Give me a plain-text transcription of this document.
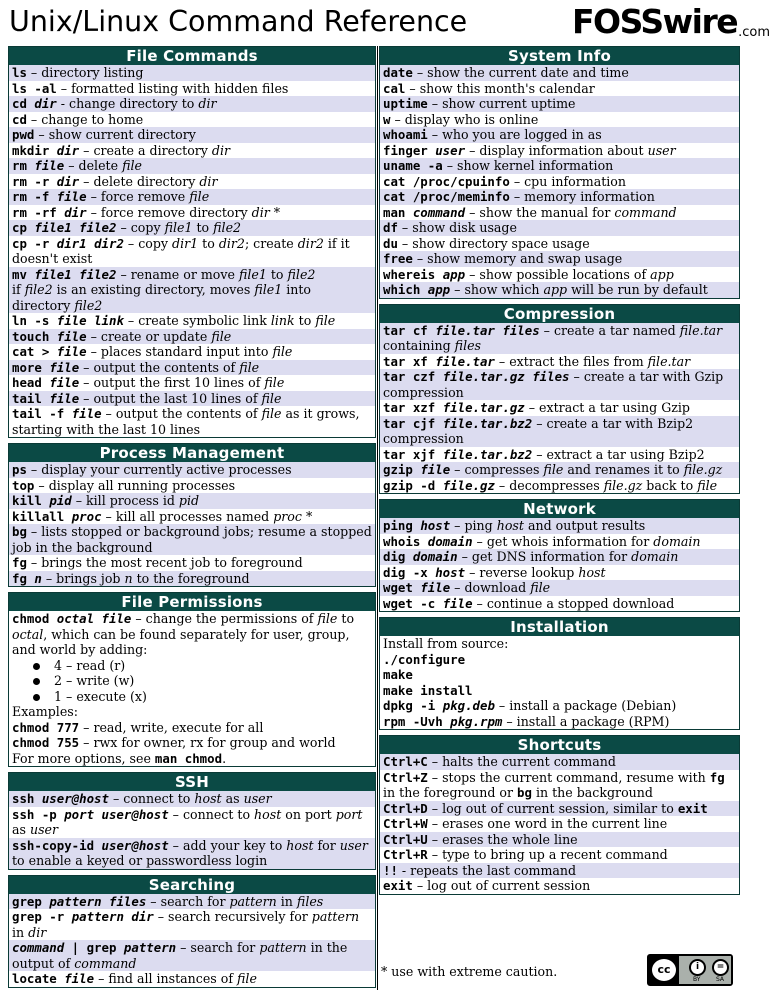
Unix/Linux Command Reference	FOSSwire.com
File Commands
ls – directory listing
ls -al – formatted listing with hidden files
cd dir - change directory to dir
cd – change to home
pwd – show current directory
mkdir dir – create a directory dir
rm file – delete file
rm -r dir – delete directory dir
rm -f file – force remove file
rm -rf dir – force remove directory dir *
cp file1 file2 – copy file1 to file2
cp -r dir1 dir2 – copy dir1 to dir2; create dir2 if it doesn't exist
mv file1 file2 – rename or move file1 to file2
if file2 is an existing directory, moves file1 into directory file2
ln -s file link – create symbolic link link to file
touch file – create or update file
cat > file – places standard input into file
more file – output the contents of file
head file – output the first 10 lines of file
tail file – output the last 10 lines of file
tail -f file – output the contents of file as it grows, starting with the last 10 lines
Process Management
ps – display your currently active processes
top – display all running processes
kill pid – kill process id pid
killall proc – kill all processes named proc *
bg – lists stopped or background jobs; resume a stopped job in the background
fg – brings the most recent job to foreground
fg n – brings job n to the foreground
File Permissions
chmod octal file – change the permissions of file to octal, which can be found separately for user, group, and world by adding:
4 – read (r)
2 – write (w)
1 – execute (x)
Examples:
chmod 777 – read, write, execute for all
chmod 755 – rwx for owner, rx for group and world
For more options, see man chmod.
SSH
ssh user@host – connect to host as user
ssh -p port user@host – connect to host on port port as user
ssh-copy-id user@host – add your key to host for user to enable a keyed or passwordless login
Searching
grep pattern files – search for pattern in files
grep -r pattern dir – search recursively for pattern in dir
command | grep pattern – search for pattern in the output of command
locate file – find all instances of file
System Info
date – show the current date and time
cal – show this month's calendar
uptime – show current uptime
w – display who is online
whoami – who you are logged in as
finger user – display information about user
uname -a – show kernel information
cat /proc/cpuinfo – cpu information
cat /proc/meminfo – memory information
man command – show the manual for command
df – show disk usage
du – show directory space usage
free – show memory and swap usage
whereis app – show possible locations of app
which app – show which app will be run by default
Compression
tar cf file.tar files – create a tar named file.tar containing files
tar xf file.tar – extract the files from file.tar
tar czf file.tar.gz files – create a tar with Gzip compression
tar xzf file.tar.gz – extract a tar using Gzip
tar cjf file.tar.bz2 – create a tar with Bzip2 compression
tar xjf file.tar.bz2 – extract a tar using Bzip2
gzip file – compresses file and renames it to file.gz
gzip -d file.gz – decompresses file.gz back to file
Network
ping host – ping host and output results
whois domain – get whois information for domain
dig domain – get DNS information for domain
dig -x host – reverse lookup host
wget file – download file
wget -c file – continue a stopped download
Installation
Install from source:
./configure
make
make install
dpkg -i pkg.deb – install a package (Debian)
rpm -Uvh pkg.rpm – install a package (RPM)
Shortcuts
Ctrl+C – halts the current command
Ctrl+Z – stops the current command, resume with fg in the foreground or bg in the background
Ctrl+D – log out of current session, similar to exit
Ctrl+W – erases one word in the current line
Ctrl+U – erases the whole line
Ctrl+R – type to bring up a recent command
!! - repeats the last command
exit – log out of current session
* use with extreme caution.	cc	i	=
BY	SA
